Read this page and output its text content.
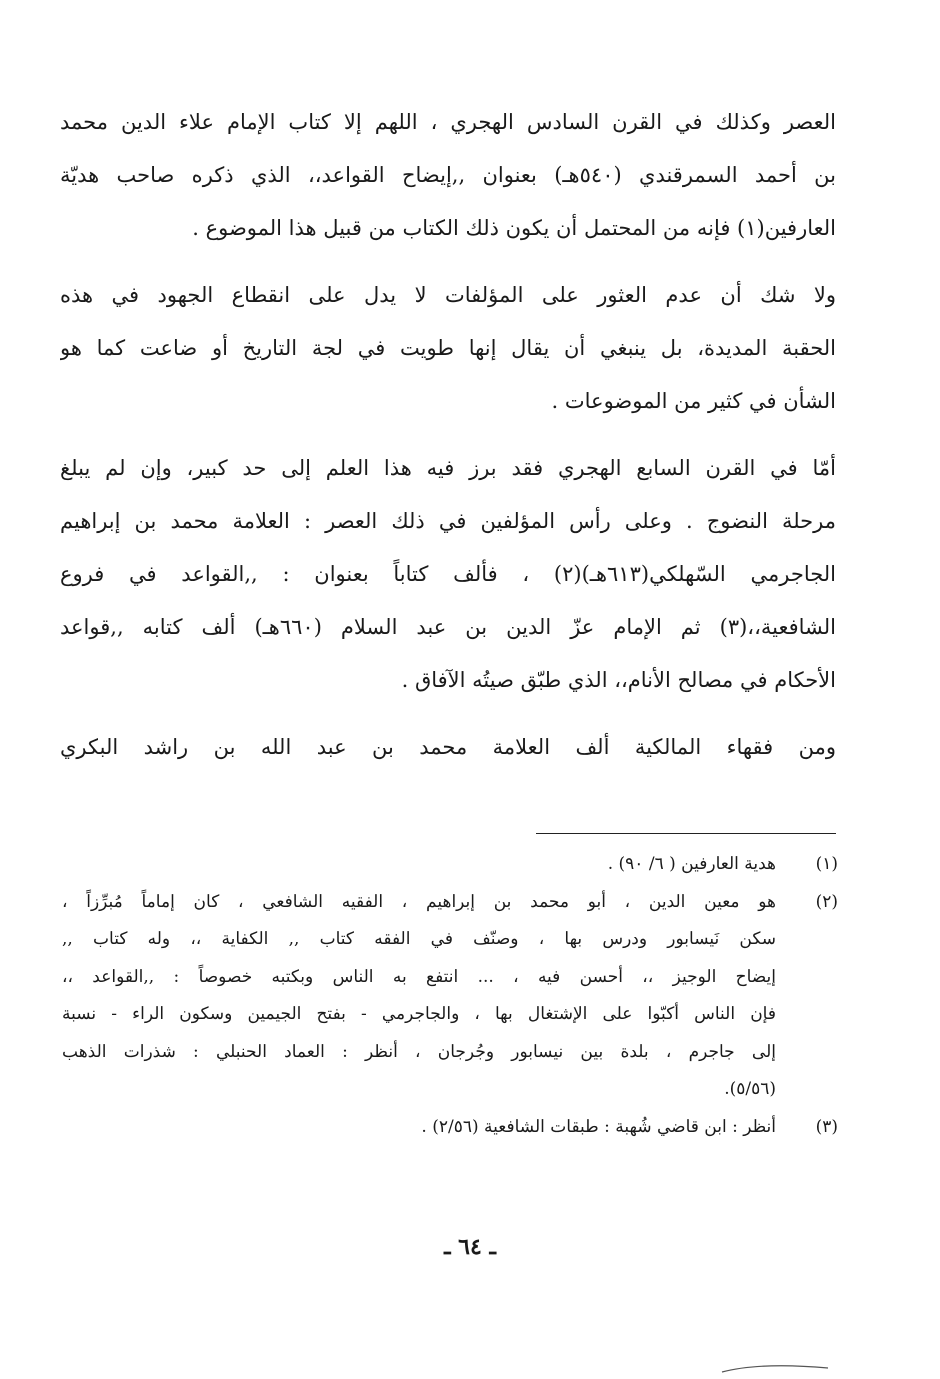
العصر وكذلك في القرن السادس الهجري ، اللهم إلا كتاب الإمام علاء الدين محمد
بن أحمد السمرقندي (٥٤٠هـ) بعنوان ,,إيضاح القواعد،، الذي ذكره صاحب هديّة
العارفين(١) فإنه من المحتمل أن يكون ذلك الكتاب من قبيل هذا الموضوع .

ولا شك أن عدم العثور على المؤلفات لا يدل على انقطاع الجهود في هذه
الحقبة المديدة، بل ينبغي أن يقال إنها طويت في لجة التاريخ أو ضاعت كما هو
الشأن في كثير من الموضوعات .

أمّا في القرن السابع الهجري فقد برز فيه هذا العلم إلى حد كبير، وإن لم يبلغ
مرحلة النضوج . وعلى رأس المؤلفين في ذلك العصر : العلامة محمد بن إبراهيم
الجاجرمي السّهلكي(٦١٣هـ)(٢) ، فألف كتاباً بعنوان : ,,القواعد في فروع
الشافعية،،(٣) ثم الإمام عزّ الدين بن عبد السلام (٦٦٠هـ) ألف كتابه ,,قواعد
الأحكام في مصالح الأنام،، الذي طبّق صيتُه الآفاق .

ومن فقهاء المالكية ألف العلامة محمد بن عبد الله بن راشد البكري

(١)
هدية العارفين ( ٦/ ٩٠) .
(٢)
هو معين الدين ، أبو محمد بن إبراهيم ، الفقيه الشافعي ، كان إماماً مُبرِّزاً ،
سكن نَيسابور ودرس بها ، وصنّف في الفقه كتاب ,, الكفاية ،، وله كتاب ,,
إيضاح الوجيز ،، أحسن فيه ، ... انتفع به الناس وبكتبه خصوصاً : ,,القواعد ،،
فإن الناس أكبّوا على الإشتغال بها ، والجاجرمي - بفتح الجيمين وسكون الراء - نسبة
إلى جاجرم ، بلدة بين نيسابور وجُرجان ، أنظر : العماد الحنبلي : شذرات الذهب
(٥/٥٦).
(٣)
أنظر : ابن قاضي شُهبة : طبقات الشافعية (٢/٥٦) .
ـ ٦٤ ـ
